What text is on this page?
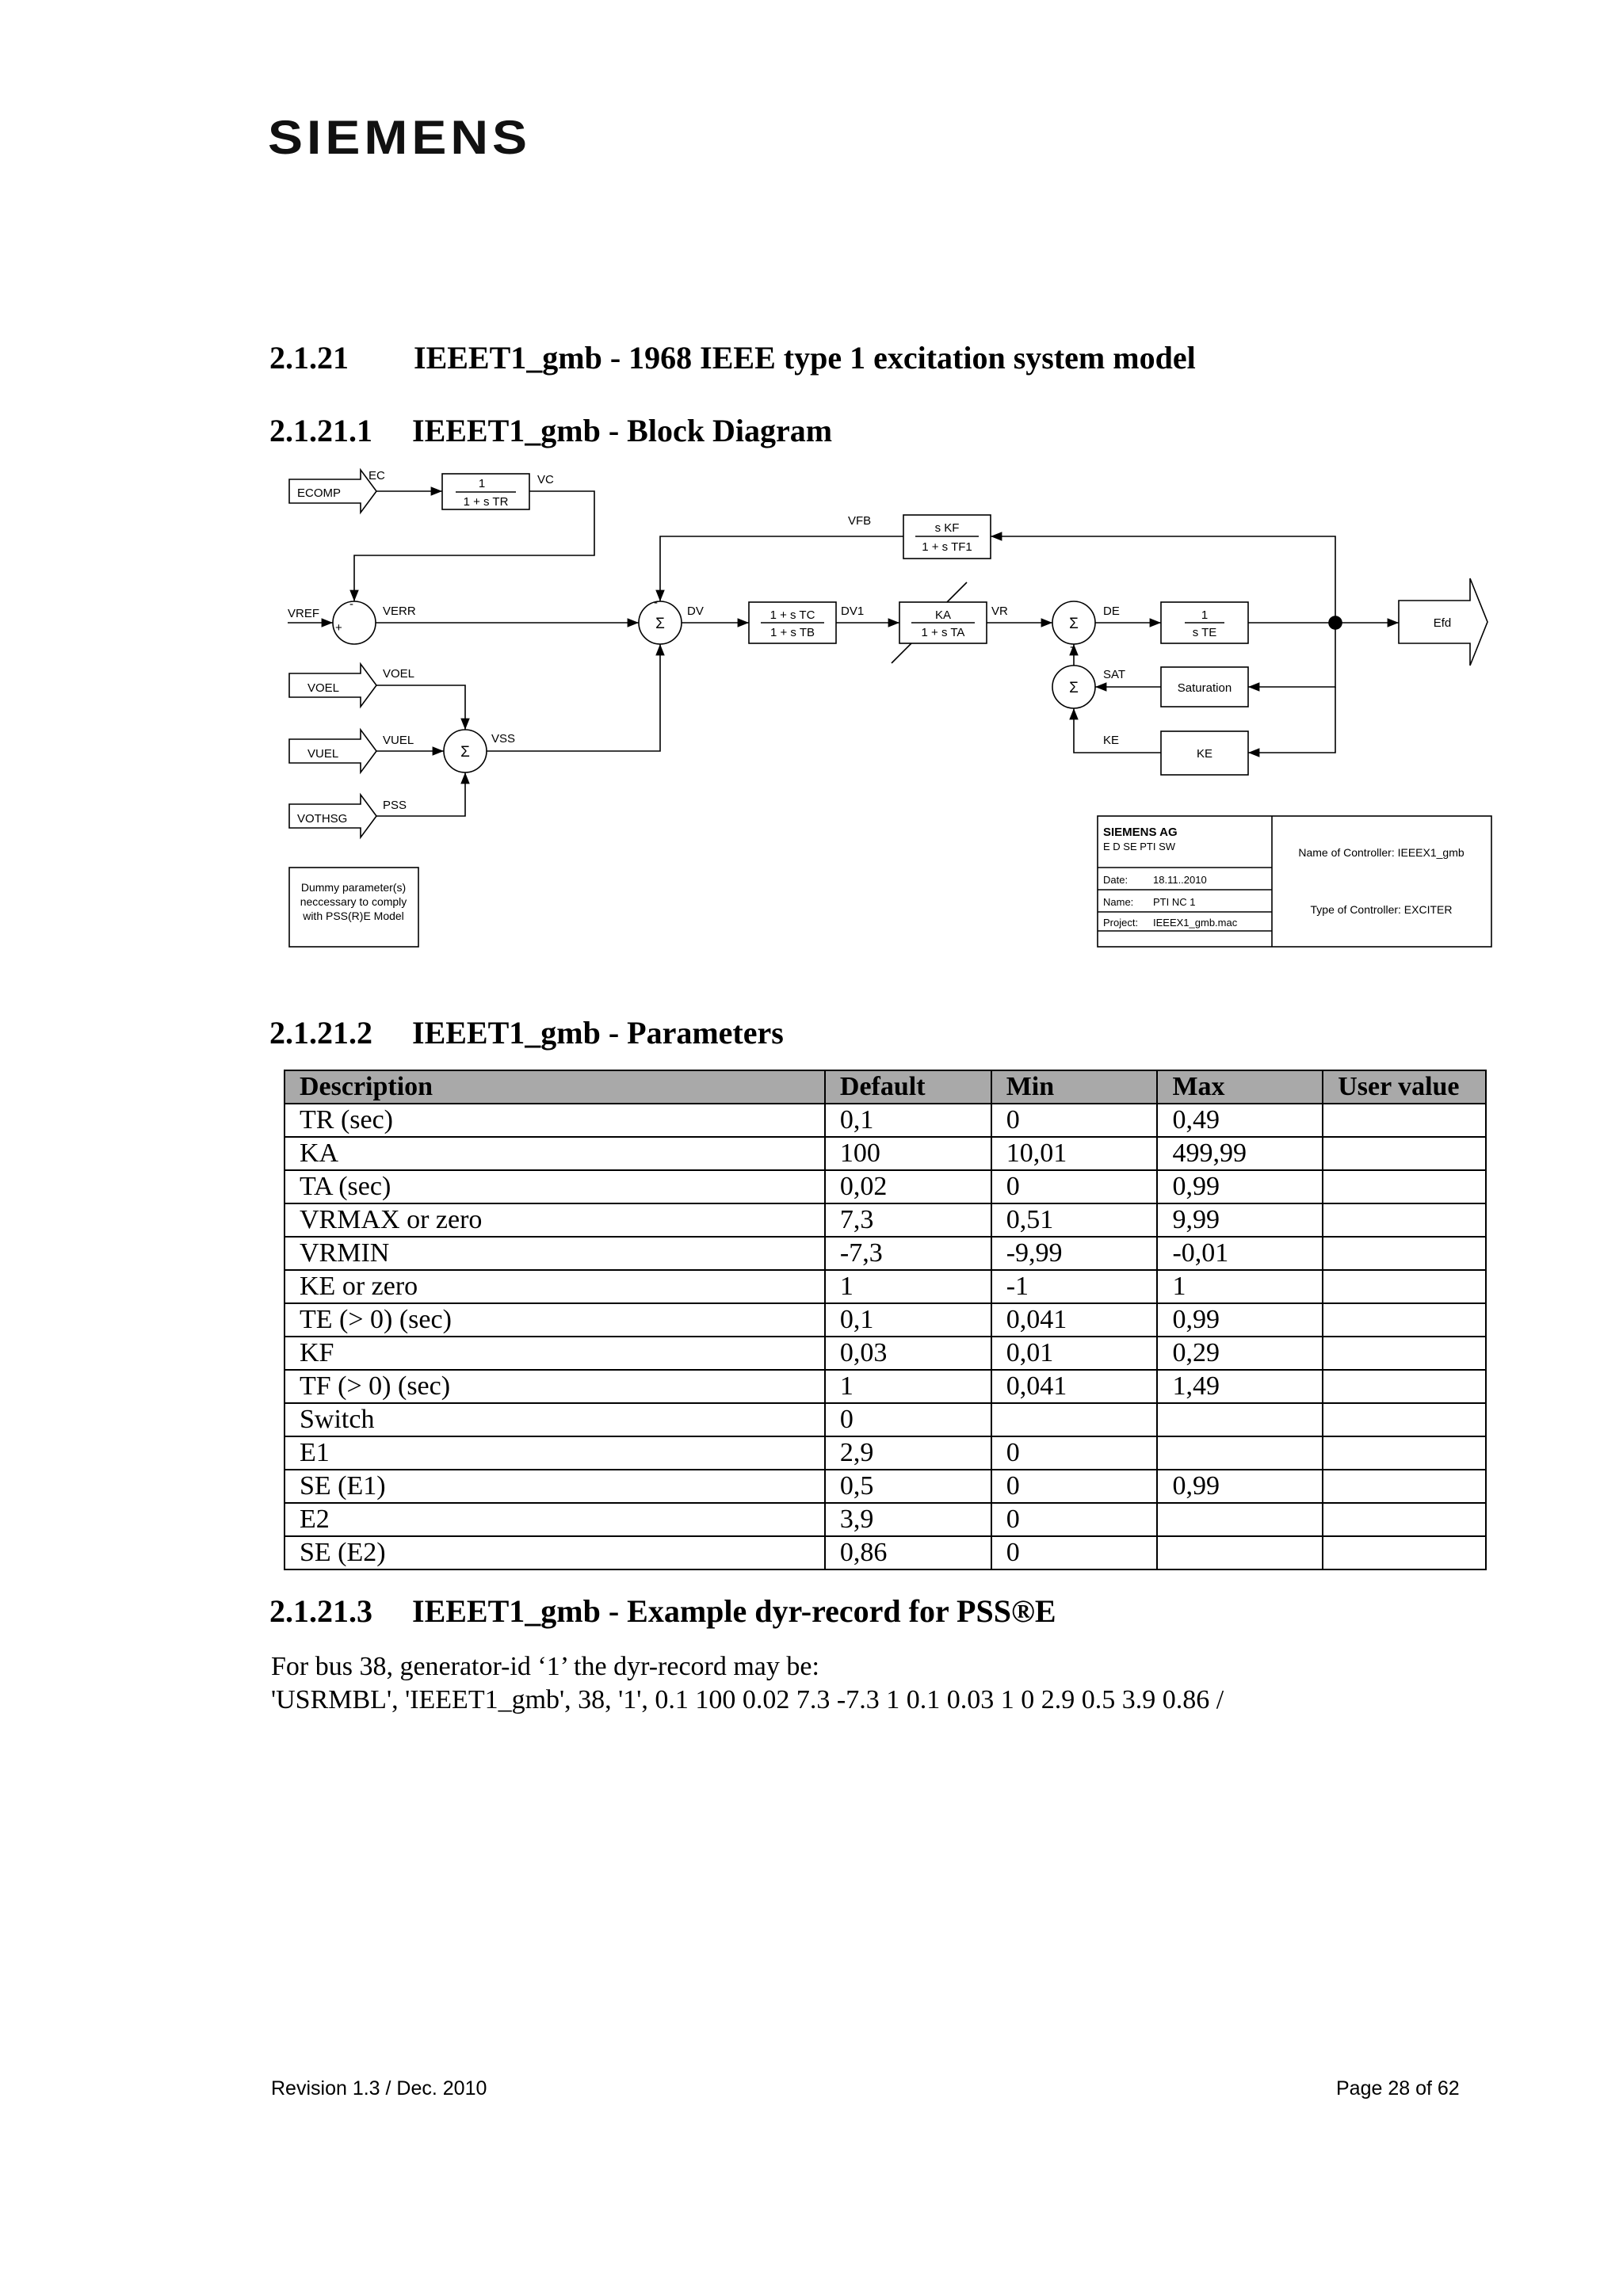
SIEMENS
2.1.21 IEEET1_gmb - 1968 IEEE type 1 excitation system model
2.1.21.1 IEEET1_gmb - Block Diagram
ECOMP
EC	VC
1
1 + s TR
VREF
+
-
VERR
VOEL
VOEL
VUEL
VUEL
VOTHSG
PSS
VSS
Σ
Σ
-
DV	1 + s TC
1 + s TB
DV1	KA
1 + s TA
VR
Σ
-
DE	1
s TE
Efd
VFB
s KF
1 + s TF1
Σ
SAT
Saturation
KE
KE
Dummy parameter(s)
neccessary to comply
with PSS(R)E Model
SIEMENS AG
E D SE PTI SW
Date: 18.11..2010
Name: PTI NC 1
Project: IEEEX1_gmb.mac
Name of Controller: IEEEX1_gmb
Type of Controller: EXCITER
2.1.21.2 IEEET1_gmb - Parameters
Description	Default	Min	Max	User value
TR (sec)	0,1	0	0,49	
KA	100	10,01	499,99	
TA (sec)	0,02	0	0,99	
VRMAX or zero	7,3	0,51	9,99	
VRMIN	-7,3	-9,99	-0,01	
KE or zero	1	-1	1	
TE (> 0) (sec)	0,1	0,041	0,99	
KF	0,03	0,01	0,29	
TF (> 0) (sec)	1	0,041	1,49	
Switch	0			
E1	2,9	0		
SE (E1)	0,5	0	0,99	
E2	3,9	0		
SE (E2)	0,86	0		
2.1.21.3 IEEET1_gmb - Example dyr-record for PSS®E
For bus 38, generator-id ‘1’ the dyr-record may be:
'USRMBL', 'IEEET1_gmb', 38, '1', 0.1 100 0.02 7.3 -7.3 1 0.1 0.03 1 0 2.9 0.5 3.9 0.86 /
Revision 1.3 / Dec. 2010	Page 28 of 62
